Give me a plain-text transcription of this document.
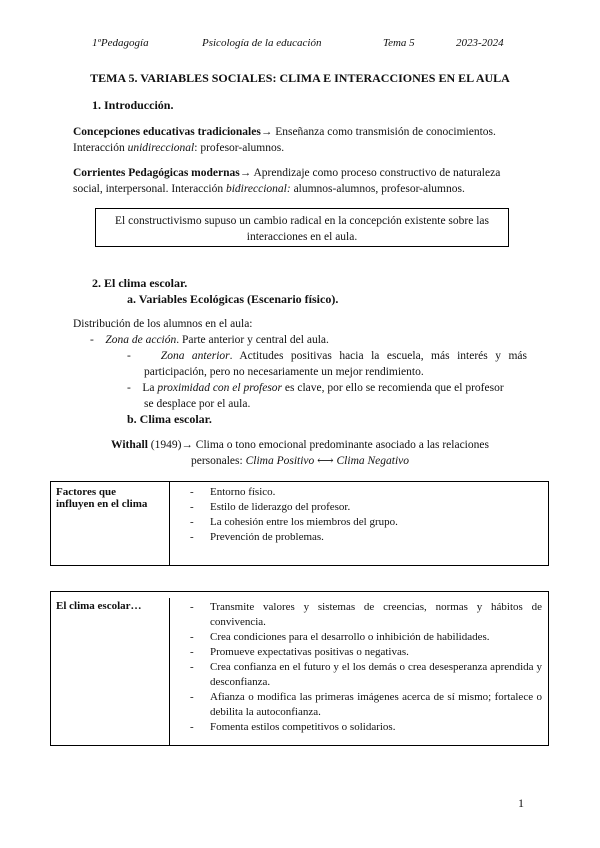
1ºPedagogía	Psicología de la educación	Tema 5	2023-2024
TEMA 5. VARIABLES SOCIALES: CLIMA E INTERACCIONES EN EL AULA
1. Introducción.
Concepciones educativas tradicionales→ Enseñanza como transmisión de conocimientos.
Interacción unidireccional: profesor-alumnos.
Corrientes Pedagógicas modernas→ Aprendizaje como proceso constructivo de naturaleza
social, interpersonal. Interacción bidireccional: alumnos-alumnos, profesor-alumnos.
El constructivismo supuso un cambio radical en la concepción existente sobre las
interacciones en el aula.
2. El clima escolar.
a. Variables Ecológicas (Escenario físico).
Distribución de los alumnos en el aula:
-    Zona de acción. Parte anterior y central del aula.
-    Zona anterior. Actitudes positivas hacia la escuela, más interés y más
participación, pero no necesariamente un mejor rendimiento.
-    La proximidad con el profesor es clave, por ello se recomienda que el profesor
se desplace por el aula.
b. Clima escolar.
Withall (1949)→ Clima o tono emocional predominante asociado a las relaciones
personales: Clima Positivo ⟷ Clima Negativo
Factores que
influyen en el clima

- Entorno físico.
- Estilo de liderazgo del profesor.
- La cohesión entre los miembros del grupo.
- Prevención de problemas.

El clima escolar…	
-Transmite valores y sistemas de creencias, normas y hábitos de convivencia.
- Crea condiciones para el desarrollo o inhibición de habilidades.
- Promueve expectativas positivas o negativas.
- Crea confianza en el futuro y el los demás o crea desesperanza aprendida y desconfianza.
- Afianza o modifica las primeras imágenes acerca de sí mismo; fortalece o debilita la autoconfianza.
- Fomenta estilos competitivos o solidarios.
1
